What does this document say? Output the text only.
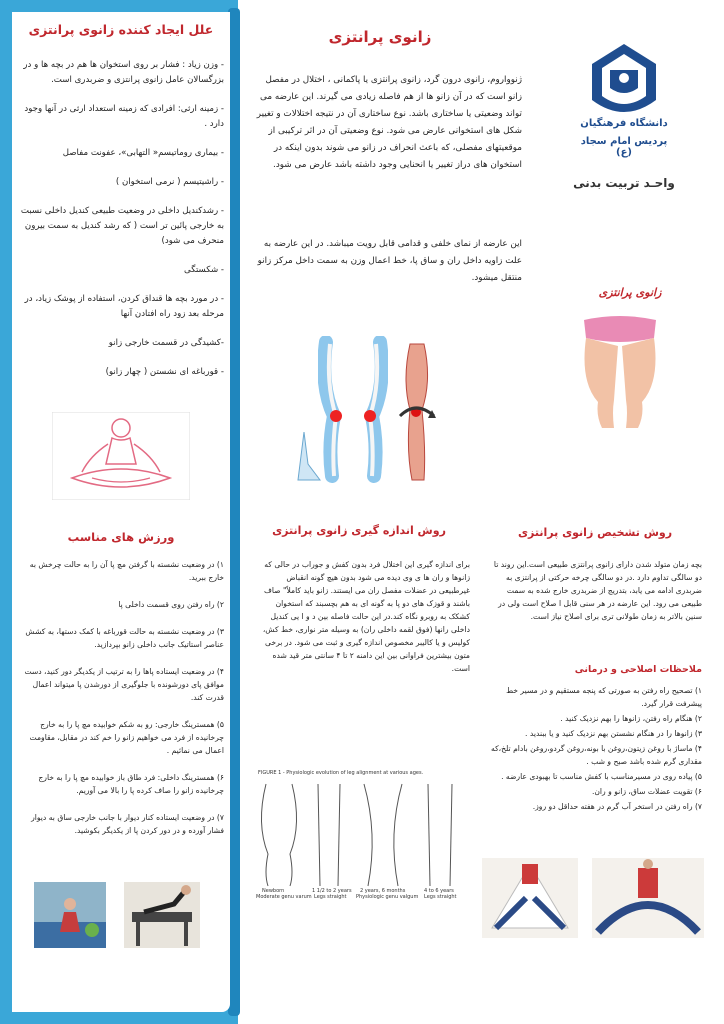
علل ایجاد کننده زانوی پرانتزی
- وزن زیاد : فشار بر روی استخوان ها هم در بچه ها و در بزرگسالان عامل زانوی پرانتزی و ضربدری است.
- زمینه ارثی: افرادی که زمینه استعداد ارثی در آنها وجود دارد .
- بیماری روماتیسم« التهابی»، عفونت مفاصل
- راشیتیسم ( نرمی استخوان )
- رشدکندیل داخلی در وضعیت طبیعی کندیل داخلی نسبت به خارجی پائین تر است ( که رشد کندیل به سمت بیرون منحرف می شود)
- شکستگی
- در مورد بچه ها قنداق کردن، استفاده از پوشک زیاد، در مرحله بعد زود راه افتادن آنها
-کشیدگی در قسمت خارجی زانو
- قورباغه ای نشستن ( چهار زانو)
ورزش های مناسب
۱) در وضعیت نشسته با گرفتن مچ پا آن را به حالت چرخش به خارج ببرید.
۲) راه رفتن روی قسمت داخلی پا
۳) در وضعیت نشسته به حالت قورباغه با کمک دستها، به کشش عناصر استاتیک جانب داخلی زانو بپردازید.
۴) در وضعیت ایستاده پاها را به ترتیب از یکدیگر دور کنید، دست موافق پای دورشونده با جلوگیری از دورشدن پا میتواند اعمال قدرت کند.
۵) همسترینگ خارجی: رو به شکم خوابیده مچ پا را به خارج چرخانیده از فرد می خواهیم زانو را خم کند در مقابل، مقاومت اعمال می نمائیم .
۶) همسترینگ داخلی: فرد طاق باز خوابیده مچ پا را به خارج چرخانیده زانو را صاف کرده پا را بالا می آوریم.
۷) در وضعیت ایستاده کنار دیوار با جانب خارجی ساق به دیوار فشار آورده و در دور کردن پا از یکدیگر بکوشید.
۲
زانوی پرانتزی
ژنوواروم، زانوی درون گرد، زانوی پرانتزی یا پاکمانی ، اختلال در مفصل زانو است که در آن زانو ها از هم فاصله زیادی می گیرند. این عارضه می تواند وضعیتی یا ساختاری باشد. نوع ساختاری آن در نتیجه اختلالات و تغییر شکل های استخوانی عارض می شود. نوع وضعیتی آن در اثر ترکیبی از موقعیتهای مفصلی، که باعث انحراف در زانو می شوند بدون اینکه در استخوان های دراز تغییر یا انحنایی وجود داشته باشد عارض می شود.
این عارضه از نمای خلفی و قدامی قابل رویت میباشد. در این عارضه به علت زاویه داخل ران و ساق پا، خط اعمال وزن به سمت داخل مرکز زانو منتقل میشود.
دانشگاه فرهنگیان
پردیس امام سجاد (ع)
واحـد تربیت بدنی
زانوی پرانتزی
روش اندازه گیری زانوی پرانتزی
برای اندازه گیری این اختلال فرد بدون کفش و جوراب در حالی که زانوها و ران ها ی وی دیده می شود بدون هیچ گونه انقباض غیرطبیعی در عضلات مفصل ران می ایستند. زانو باید کاملاً" صاف باشند و قوزک های دو پا به گونه ای به هم بچسبند که استخوان کشکک به روبرو نگاه کند.در این حالت فاصله بین د و ا یی کندیل داخلی رانها (فوق لقمه داخلی ران) به وسیله متر نواری، خط کش، کولیس و یا کالیبر مخصوص اندازه گیری و ثبت می شود. در برخی متون بیشترین فراوانی بین این دامنه ۲ تا ۴ سانتی متر قید شده است.
روش تشخیص زانوی پرانتزی
بچه زمان متولد شدن دارای زانوی پرانتزی طبیعی است.این روند تا دو سالگی تداوم دارد .در دو سالگی چرخه حرکتی از پرانتزی به ضربدری ادامه می یابد، بتدریج از ضربدری خارج شده به سمت طبیعی می رود. این عارضه در هر سنی قابل ا صلاح است ولی در سنین بالاتر به زمان طولانی تری برای اصلاح نیاز است.
ملاحظات اصلاحی و درمانی
۱) تصحیح راه رفتن به صورتی که پنجه مستقیم و در مسیر خط پیشرفت قرار گیرد.
۲) هنگام راه رفتن، زانوها را بهم نزدیک کنید .
۳) زانوها را در هنگام نشستن بهم نزدیک کنید و یا ببندید .
۴) ماساژ با روغن زیتون،روغن با بونه،روغن گردو،روغن بادام تلخ،که مقداری گرم شده باشد صبح و شب .
۵) پیاده روی در مسیرمناسب با کفش مناسب تا بهبودی عارضه .
۶) تقویت عضلات ساق، زانو و ران.
۷) راه رفتن در استخر آب گرم در هفته حداقل دو روز.
FIGURE 1 - Physiologic evolution of leg alignment at various ages.
Newborn
Moderate genu varum
1 1/2 to 2 years
Legs straight
2 years, 6 months
Physiologic genu valgum
4 to 6 years
Legs straight
